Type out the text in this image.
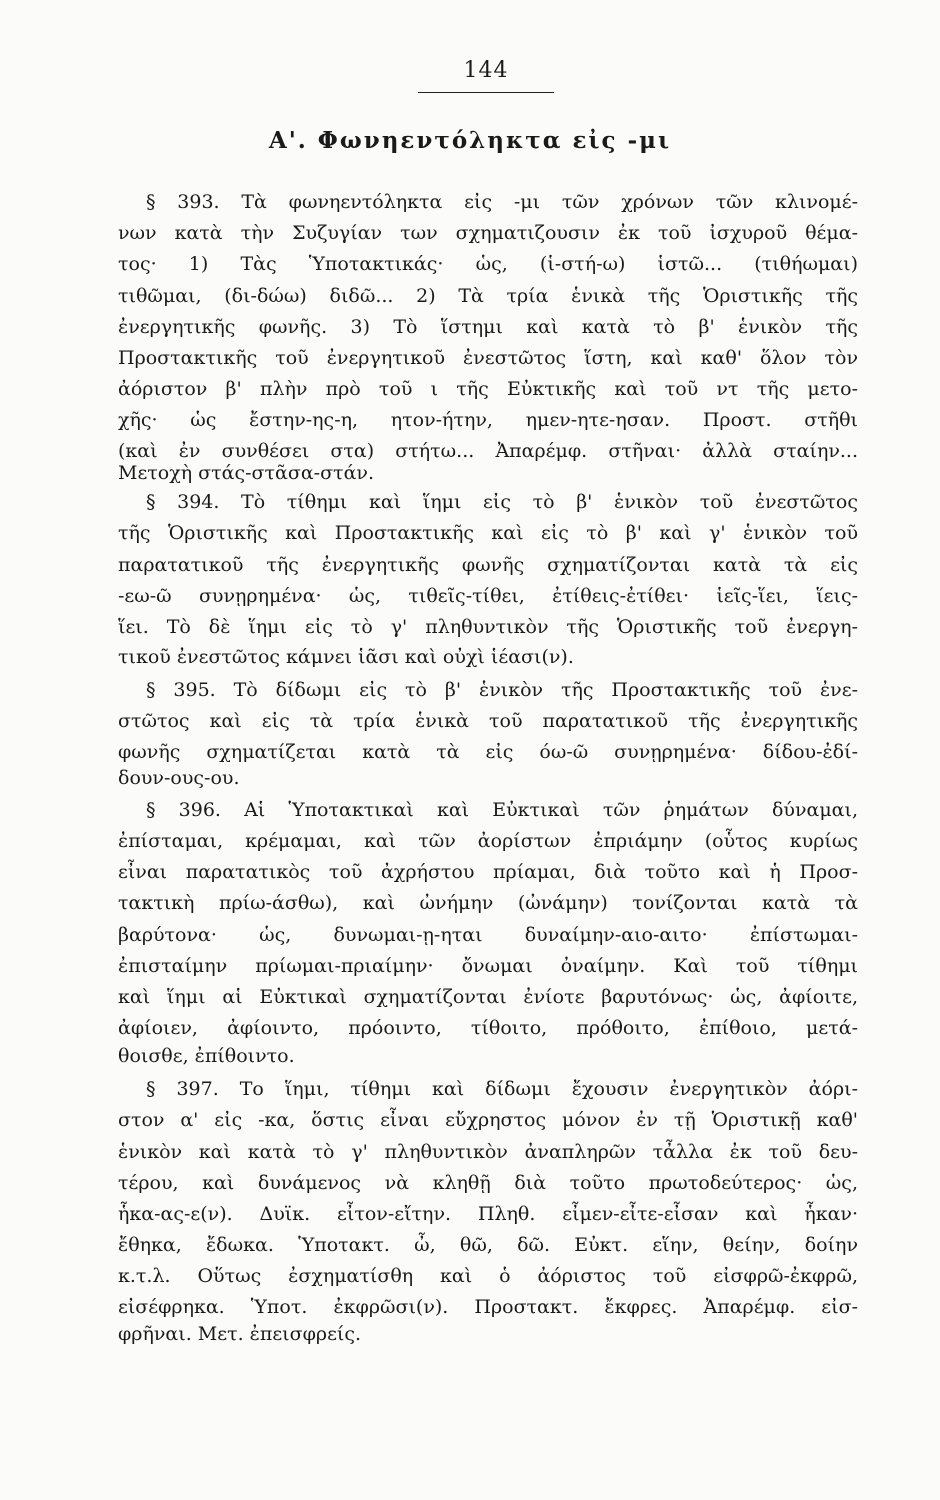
144
Α'. Φωνηεντόληκτα εἰς -μι
§ 393. Τὰ φωνηεντόληκτα εἰς -μι τῶν χρόνων τῶν κλινομέ-
νων κατὰ τὴν Συζυγίαν των σχηματιζουσιν ἐκ τοῦ ἰσχυροῦ θέμα-
τος· 1) Τὰς Ὑποτακτικάς· ὡς, (ἱ-στή-ω) ἱστῶ... (τιθήωμαι)
τιθῶμαι, (δι-δώω) διδῶ... 2) Τὰ τρία ἑνικὰ τῆς Ὁριστικῆς τῆς
ἐνεργητικῆς φωνῆς. 3) Τὸ ἵστημι καὶ κατὰ τὸ β' ἑνικὸν τῆς
Προστακτικῆς τοῦ ἐνεργητικοῦ ἐνεστῶτος ἵστη, καὶ καθ' ὅλον τὸν
ἀόριστον β' πλὴν πρὸ τοῦ ι τῆς Εὐκτικῆς καὶ τοῦ ντ τῆς μετο-
χῆς· ὡς ἔστην-ης-η, ητον-ήτην, ημεν-ητε-ησαν. Προστ. στῆθι
(καὶ ἐν συνθέσει στα) στήτω... Ἀπαρέμφ. στῆναι· ἀλλὰ σταίην...
Μετοχὴ στάς-στᾶσα-στάν.
§ 394. Τὸ τίθημι καὶ ἵημι εἰς τὸ β' ἑνικὸν τοῦ ἐνεστῶτος
τῆς Ὁριστικῆς καὶ Προστακτικῆς καὶ εἰς τὸ β' καὶ γ' ἑνικὸν τοῦ
παρατατικοῦ τῆς ἐνεργητικῆς φωνῆς σχηματίζονται κατὰ τὰ εἰς
-εω-ῶ συνῃρημένα· ὡς, τιθεῖς-τίθει, ἐτίθεις-ἐτίθει· ἱεῖς-ἵει, ἵεις-
ἵει. Τὸ δὲ ἵημι εἰς τὸ γ' πληθυντικὸν τῆς Ὁριστικῆς τοῦ ἐνεργη-
τικοῦ ἐνεστῶτος κάμνει ἱᾶσι καὶ οὐχὶ ἱέασι(ν).
§ 395. Τὸ δίδωμι εἰς τὸ β' ἑνικὸν τῆς Προστακτικῆς τοῦ ἐνε-
στῶτος καὶ εἰς τὰ τρία ἑνικὰ τοῦ παρατατικοῦ τῆς ἐνεργητικῆς
φωνῆς σχηματίζεται κατὰ τὰ εἰς όω-ῶ συνῃρημένα· δίδου-ἐδί-
δουν-ους-ου.
§ 396. Αἱ Ὑποτακτικαὶ καὶ Εὐκτικαὶ τῶν ῥημάτων δύναμαι,
ἐπίσταμαι, κρέμαμαι, καὶ τῶν ἀορίστων ἐπριάμην (οὗτος κυρίως
εἶναι παρατατικὸς τοῦ ἀχρήστου πρίαμαι, διὰ τοῦτο καὶ ἡ Προσ-
τακτικὴ πρίω-άσθω), καὶ ὠνήμην (ὠνάμην) τονίζονται κατὰ τὰ
βαρύτονα· ὡς, δυνωμαι-ῃ-ηται δυναίμην-αιο-αιτο· ἐπίστωμαι-
ἐπισταίμην πρίωμαι-πριαίμην· ὄνωμαι ὀναίμην. Καὶ τοῦ τίθημι
καὶ ἵημι αἱ Εὐκτικαὶ σχηματίζονται ἐνίοτε βαρυτόνως· ὡς, ἀφίοιτε,
ἀφίοιεν, ἀφίοιντο, πρόοιντο, τίθοιτο, πρόθοιτο, ἐπίθοιο, μετά-
θοισθε, ἐπίθοιντο.
§ 397. Το ἵημι, τίθημι καὶ δίδωμι ἔχουσιν ἐνεργητικὸν ἀόρι-
στον α' εἰς -κα, ὅστις εἶναι εὔχρηστος μόνον ἐν τῇ Ὁριστικῇ καθ'
ἑνικὸν καὶ κατὰ τὸ γ' πληθυντικὸν ἀναπληρῶν τἆλλα ἐκ τοῦ δευ-
τέρου, καὶ δυνάμενος νὰ κληθῇ διὰ τοῦτο πρωτοδεύτερος· ὡς,
ἧκα-ας-ε(ν). Δυϊκ. εἶτον-εἴτην. Πληθ. εἶμεν-εἶτε-εἶσαν καὶ ἧκαν·
ἔθηκα, ἔδωκα. Ὑποτακτ. ὦ, θῶ, δῶ. Εὐκτ. εἵην, θείην, δοίην
κ.τ.λ. Οὕτως ἐσχηματίσθη καὶ ὁ ἀόριστος τοῦ εἰσφρῶ-ἐκφρῶ,
εἰσέφρηκα. Ὑποτ. ἐκφρῶσι(ν). Προστακτ. ἔκφρες. Ἀπαρέμφ. εἰσ-
φρῆναι. Μετ. ἐπεισφρείς.
